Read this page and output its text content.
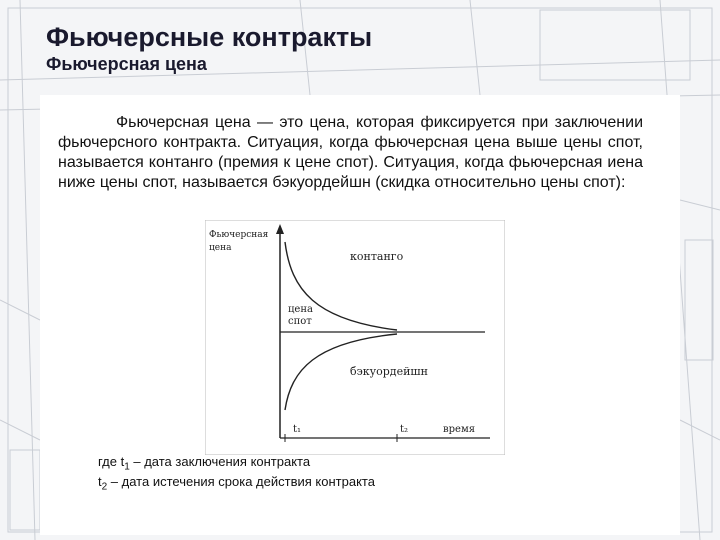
Фьючерсные контракты
Фьючерсная цена

Фьючерсная цена — это цена, которая фиксируется при заключении фьючерсного контракта. Ситуация, когда фьючерсная цена выше цены спот, называется контанго (премия к цене спот). Ситуация, когда фьючерсная иена ниже цены спот, называется бэкуордейшн (скидка относительно цены спот):

Фьючерсная
цена
контанго
цена
спот
бэкуордейшн
t₁	t₂	время
где $t_1$ – дата заключения контракта
$t_2$ – дата истечения срока действия контракта
